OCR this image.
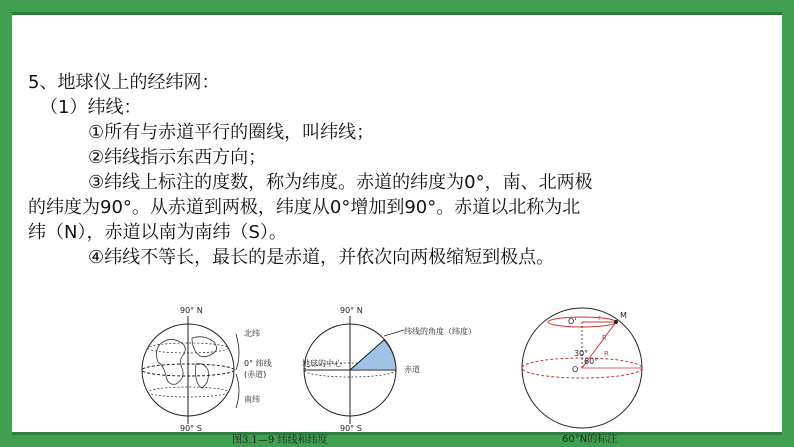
5、地球仪上的经纬网：
（1）纬线：
①所有与赤道平行的圈线，叫纬线；
②纬线指示东西方向；
③纬线上标注的度数，称为纬度。赤道的纬度为0°，南、北两极
的纬度为90°。从赤道到两极，纬度从0°增加到90°。赤道以北称为北
纬（N），赤道以南为南纬（S）。
④纬线不等长，最长的是赤道，并依次向两极缩短到极点。
90° N
90° S
北纬
0° 纬线
(赤道)
南纬
90° N
90° S
纬线的角度（纬度）
地球的中心
赤道
O'
M
r
R
R
30°
60°
O
60°N的标注
图3.1—9 纬线和纬度
